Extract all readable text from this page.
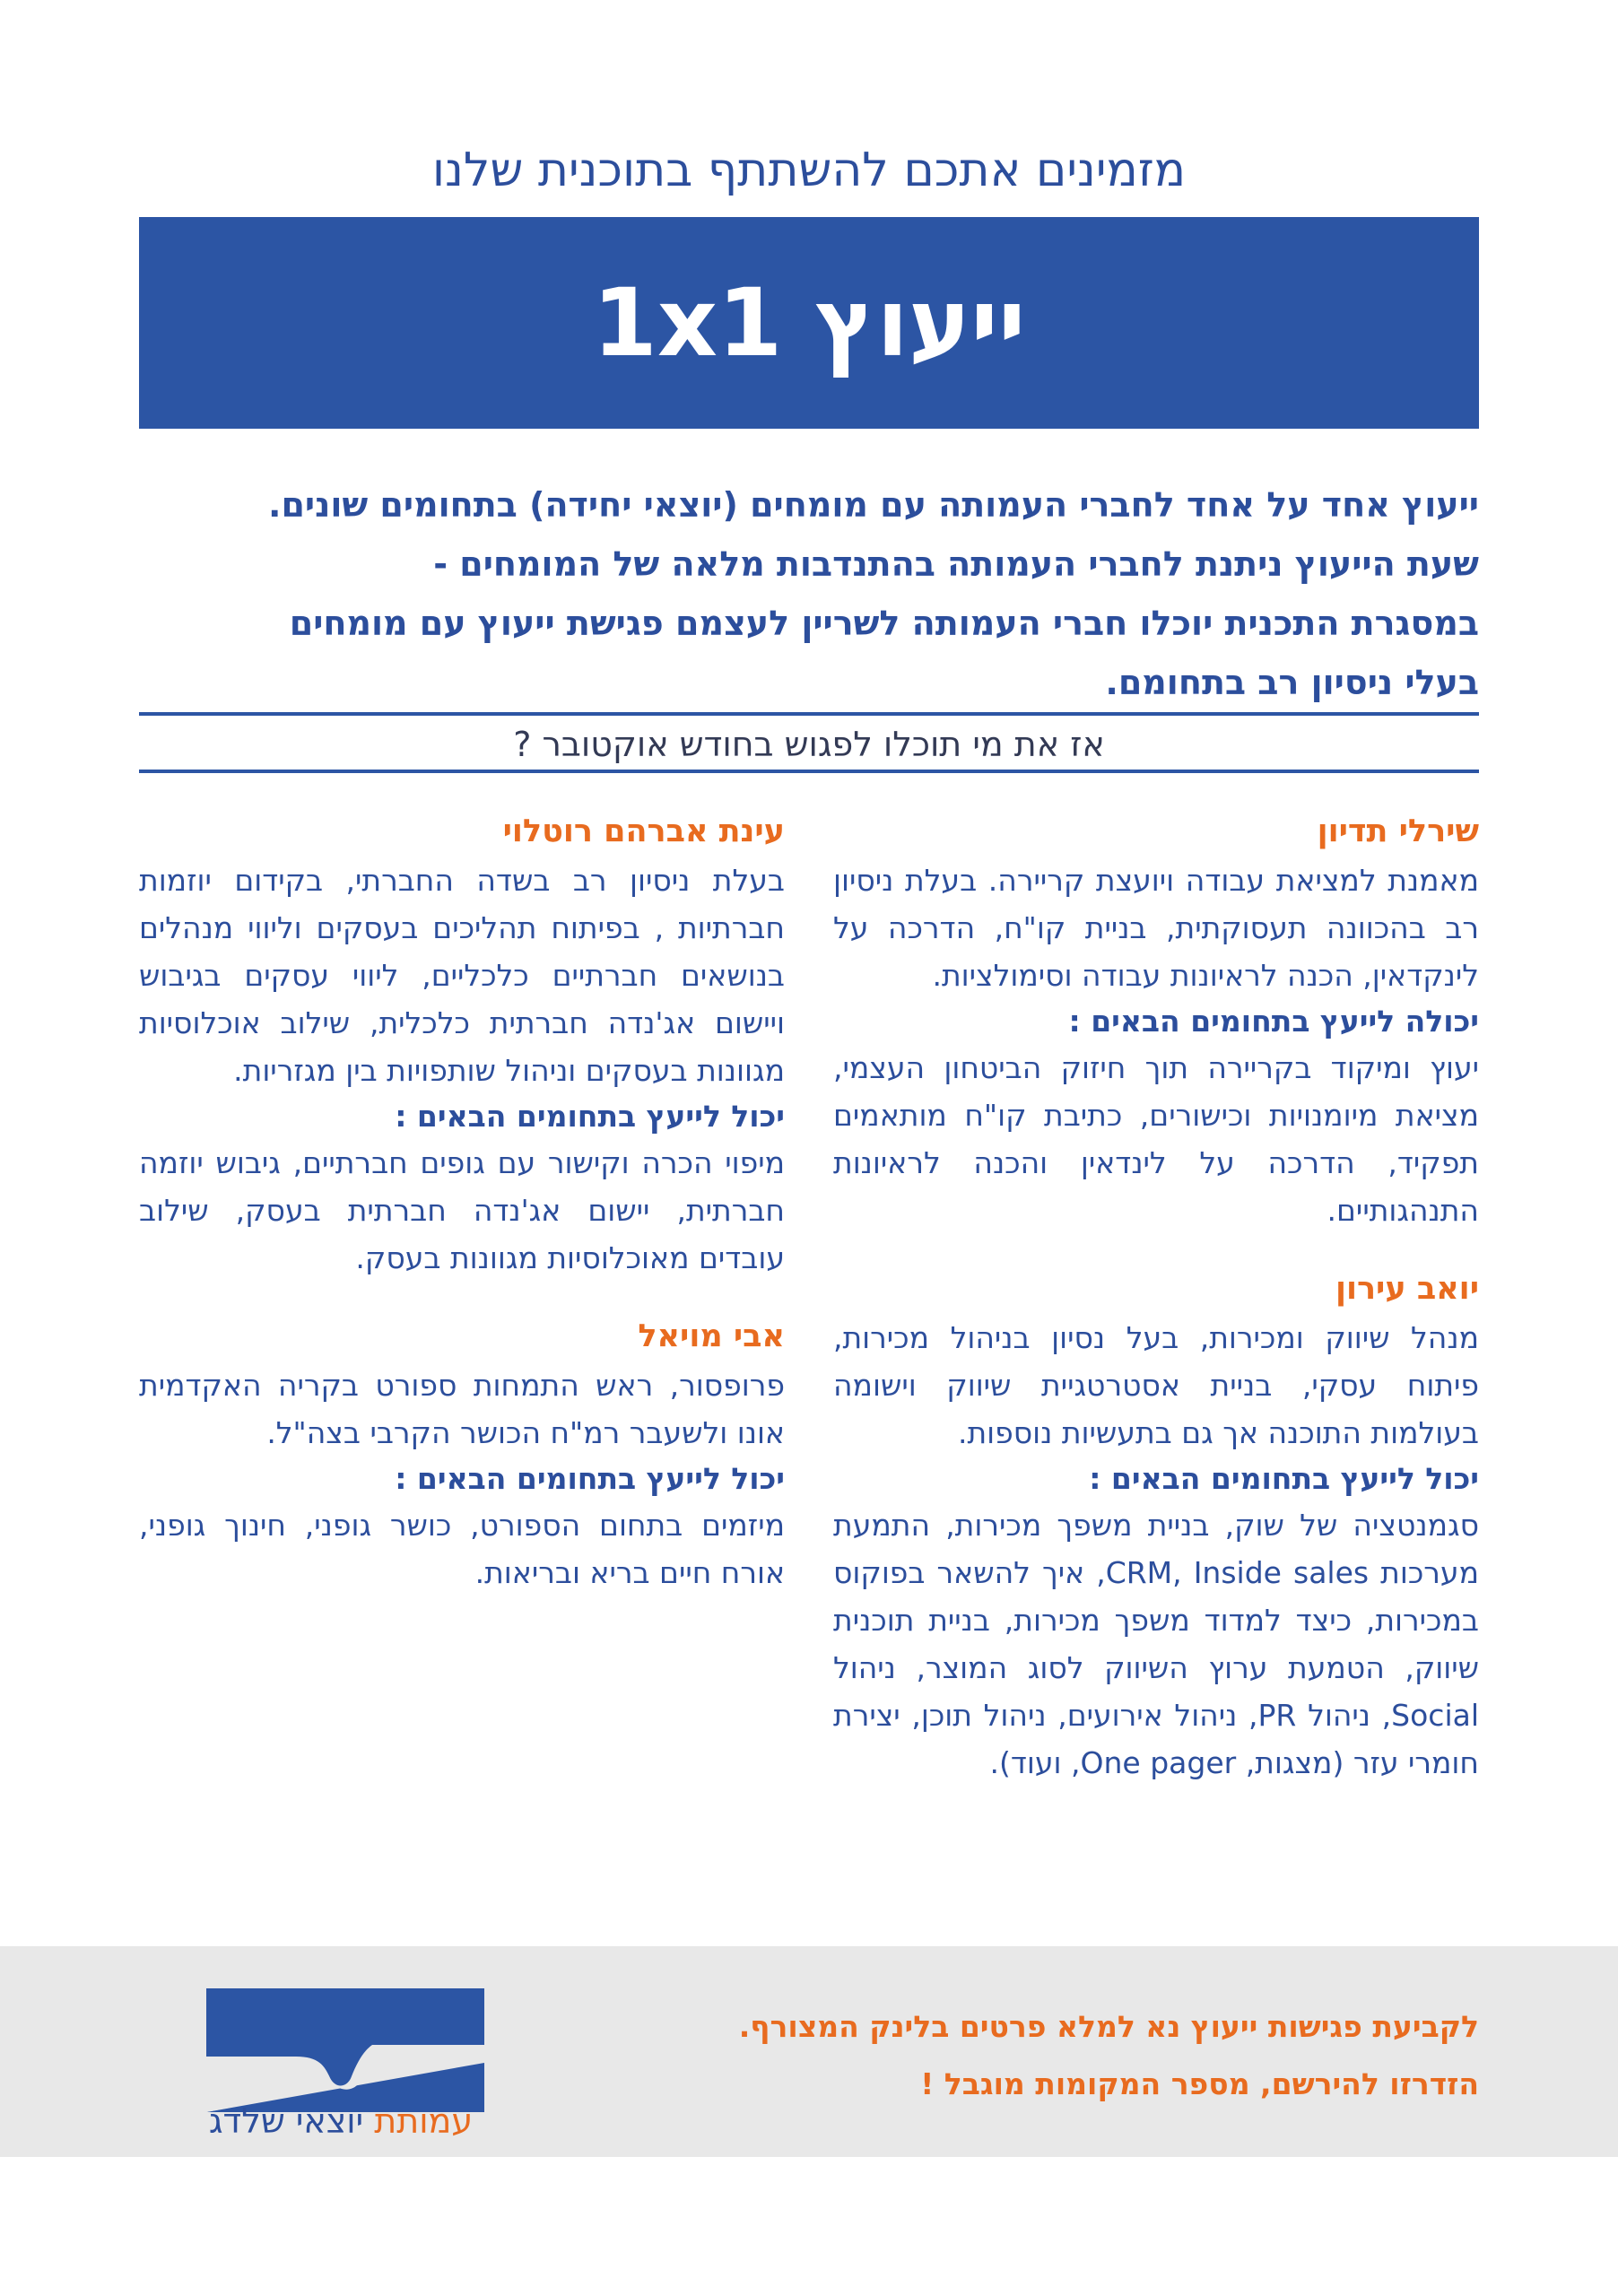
מזמינים אתכם להשתתף בתוכנית שלנו
ייעוץ 1x1

ייעוץ אחד על אחד לחברי העמותה עם מומחים (יוצאי יחידה) בתחומים שונים.

שעת הייעוץ ניתנת לחברי העמותה בהתנדבות מלאה של המומחים -

במסגרת התכנית יוכלו חברי העמותה לשריין לעצמם פגישת ייעוץ עם מומחים

בעלי ניסיון רב בתחומם.

אז את מי תוכלו לפגוש בחודש אוקטובר ?
שירלי תדיון
מאמנת למציאת עבודה ויועצת קריירה. בעלת ניסיון רב בהכוונה תעסוקתית, בניית קו"ח, הדרכה על לינקדאין, הכנה לראיונות עבודה וסימולציות.
יכולה לייעץ בתחומים הבאים :
יעוץ ומיקוד בקריירה תוך חיזוק הביטחון העצמי, מציאת מיומנויות וכישורים, כתיבת קו"ח מותאמים תפקיד, הדרכה על לינדאין והכנה לראיונות התנהגותיים.
יואב עירון
מנהל שיווק ומכירות, בעל נסיון בניהול מכירות, פיתוח עסקי, בניית אסטרטגיית שיווק וישומה בעולמות התוכנה אך גם בתעשיות נוספות.
יכול לייעץ בתחומים הבאים :
סגמנטציה של שוק, בניית משפך מכירות, התמעת מערכות CRM, Inside sales, איך להשאר בפוקוס במכירות, כיצד למדוד משפך מכירות, בניית תוכנית שיווק, הטמעת ערוץ השיווק לסוג המוצר, ניהול Social, ניהול PR, ניהול אירועים, ניהול תוכן, יצירת חומרי עזר (מצגות, One pager, ועוד).
עינת אברהם רוטלוי
בעלת ניסיון רב בשדה החברתי, בקידום יוזמות חברתיות , בפיתוח תהליכים בעסקים וליווי מנהלים בנושאים חברתיים כלכליים, ליווי עסקים בגיבוש ויישום אג'נדה חברתית כלכלית, שילוב אוכלוסיות מגוונות בעסקים וניהול שותפויות בין מגזריות.
יכול לייעץ בתחומים הבאים :
מיפוי הכרה וקישור עם גופים חברתיים, גיבוש יוזמה חברתית, יישום אג'נדה חברתית בעסק, שילוב עובדים מאוכלוסיות מגוונות בעסק.
אבי מויאל
פרופסור, ראש התמחות ספורט בקריה האקדמית אונו ולשעבר רמ"ח הכושר הקרבי בצה"ל.
יכול לייעץ בתחומים הבאים :
מיזמים בתחום הספורט, כושר גופני, חינוך גופני, אורח חיים בריא ובריאות.

לקביעת פגישות ייעוץ נא למלא פרטים בלינק המצורף.

הזדרזו להירשם, מספר המקומות מוגבל !

עמותת יוצאי שלדג
